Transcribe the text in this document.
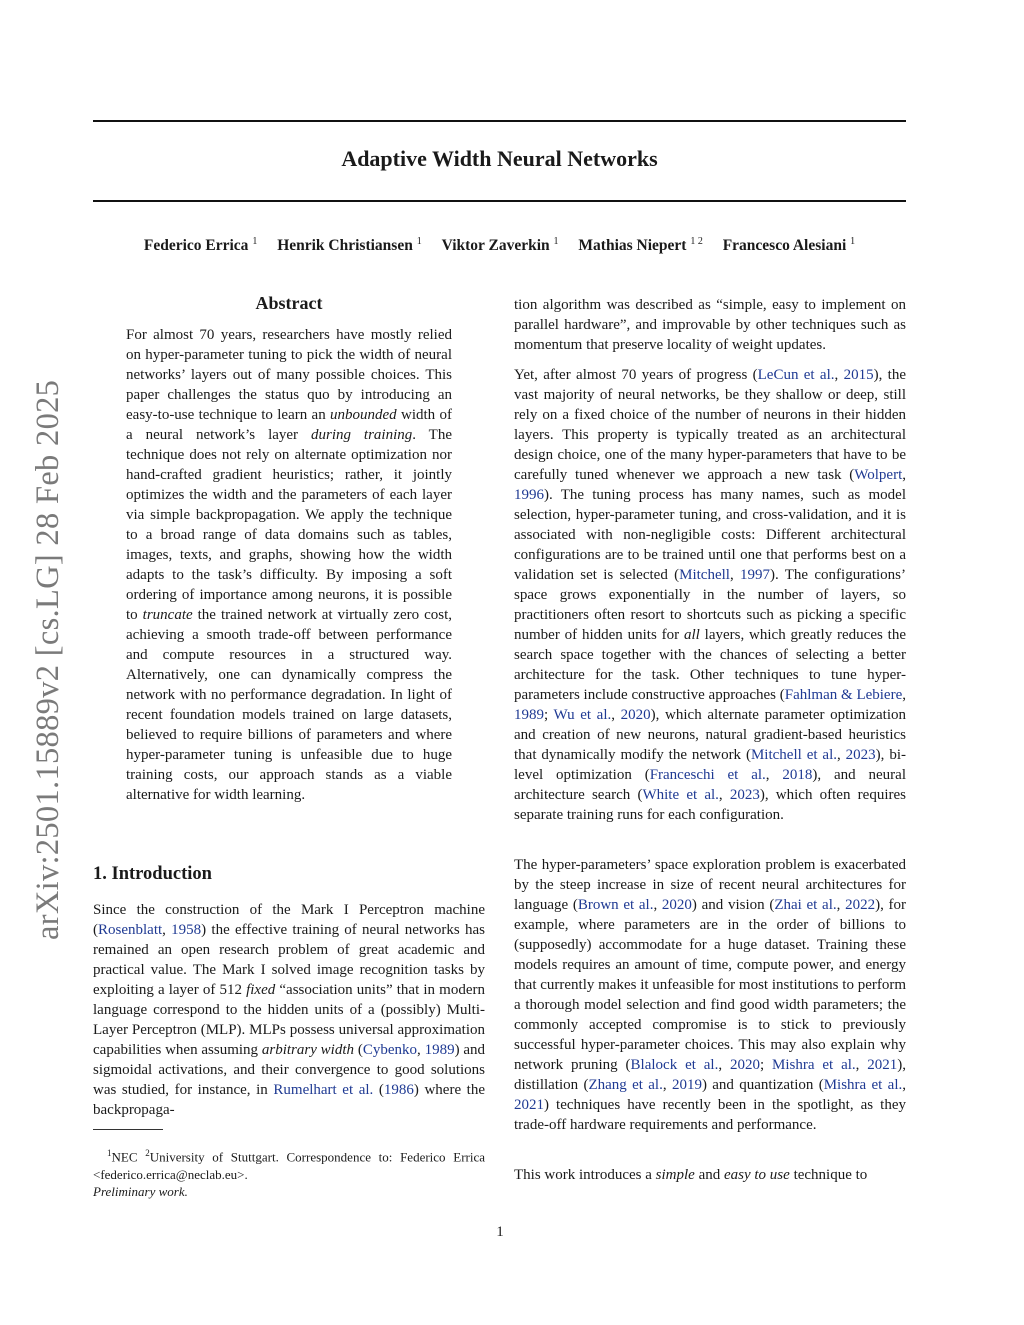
Adaptive Width Neural Networks
Federico Errica $^1$ Henrik Christiansen $^1$ Viktor Zaverkin $^1$ Mathias Niepert $^{1 2}$ Francesco Alesiani $^1$
arXiv:2501.15889v2 [cs.LG] 28 Feb 2025
Abstract

For almost 70 years, researchers have mostly relied on hyper-parameter tuning to pick the width of neural networks’ layers out of many possible choices. This paper challenges the status quo by introducing an easy-to-use technique to learn an unbounded width of a neural network’s layer during training. The technique does not rely on alternate optimization nor hand-crafted gradient heuristics; rather, it jointly optimizes the width and the parameters of each layer via simple backpropagation. We apply the technique to a broad range of data domains such as tables, images, texts, and graphs, showing how the width adapts to the task’s difficulty. By imposing a soft ordering of importance among neurons, it is possible to truncate the trained network at virtually zero cost, achieving a smooth trade-off between performance and compute resources in a structured way. Alternatively, one can dynamically compress the network with no performance degradation. In light of recent foundation models trained on large datasets, believed to require billions of parameters and where hyper-parameter tuning is unfeasible due to huge training costs, our approach stands as a viable alternative for width learning.

1. Introduction

Since the construction of the Mark I Perceptron machine (Rosenblatt, 1958) the effective training of neural networks has remained an open research problem of great academic and practical value. The Mark I solved image recognition tasks by exploiting a layer of 512 fixed “association units” that in modern language correspond to the hidden units of a (possibly) Multi-Layer Perceptron (MLP). MLPs possess universal approximation capabilities when assuming arbitrary width (Cybenko, 1989) and sigmoidal activations, and their convergence to good solutions was studied, for instance, in Rumelhart et al. (1986) where the backpropaga-

$^1$NEC $^2$University of Stuttgart. Correspondence to: Federico Errica <federico.errica@neclab.eu>.

Preliminary work.

tion algorithm was described as “simple, easy to implement on parallel hardware”, and improvable by other techniques such as momentum that preserve locality of weight updates.

Yet, after almost 70 years of progress (LeCun et al., 2015), the vast majority of neural networks, be they shallow or deep, still rely on a fixed choice of the number of neurons in their hidden layers. This property is typically treated as an architectural design choice, one of the many hyper-parameters that have to be carefully tuned whenever we approach a new task (Wolpert, 1996). The tuning process has many names, such as model selection, hyper-parameter tuning, and cross-validation, and it is associated with non-negligible costs: Different architectural configurations are to be trained until one that performs best on a validation set is selected (Mitchell, 1997). The configurations’ space grows exponentially in the number of layers, so practitioners often resort to shortcuts such as picking a specific number of hidden units for all layers, which greatly reduces the search space together with the chances of selecting a better architecture for the task. Other techniques to tune hyper-parameters include constructive approaches (Fahlman & Lebiere, 1989; Wu et al., 2020), which alternate parameter optimization and creation of new neurons, natural gradient-based heuristics that dynamically modify the network (Mitchell et al., 2023), bi-level optimization (Franceschi et al., 2018), and neural architecture search (White et al., 2023), which often requires separate training runs for each configuration.

The hyper-parameters’ space exploration problem is exacerbated by the steep increase in size of recent neural architectures for language (Brown et al., 2020) and vision (Zhai et al., 2022), for example, where parameters are in the order of billions to (supposedly) accommodate for a huge dataset. Training these models requires an amount of time, compute power, and energy that currently makes it unfeasible for most institutions to perform a thorough model selection and find good width parameters; the commonly accepted compromise is to stick to previously successful hyper-parameter choices. This may also explain why network pruning (Blalock et al., 2020; Mishra et al., 2021), distillation (Zhang et al., 2019) and quantization (Mishra et al., 2021) techniques have recently been in the spotlight, as they trade-off hardware requirements and performance.

This work introduces a simple and easy to use technique to

1
